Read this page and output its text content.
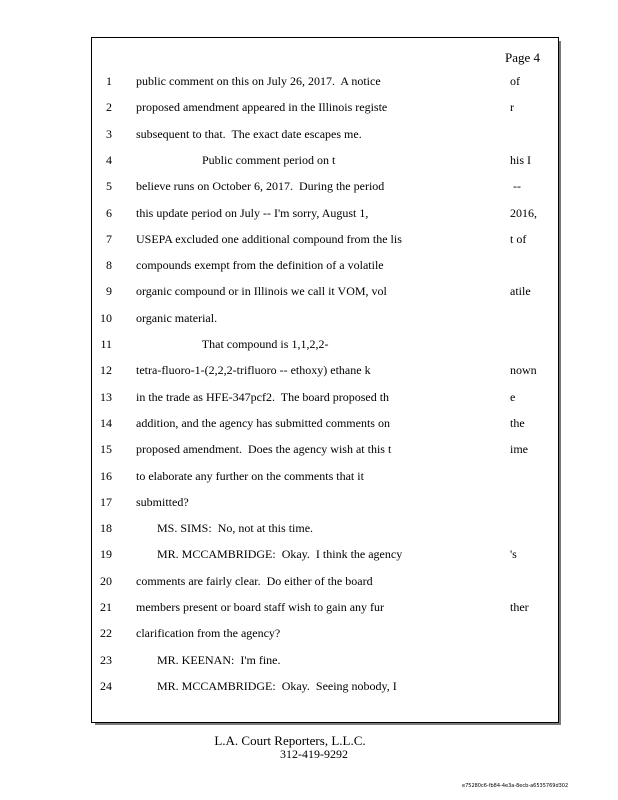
Page 4
1 public comment on this on July 26, 2017.  A notice	of
2 proposed amendment appeared in the Illinois registe	r
3 subsequent to that.  The exact date escapes me.
4 Public comment period on t	his I
5 believe runs on October 6, 2017.  During the period	--
6 this update period on July -- I'm sorry, August 1,	2016,
7 USEPA excluded one additional compound from the lis	t of
8 compounds exempt from the definition of a volatile
9 organic compound or in Illinois we call it VOM, vol	atile
10 organic material.
11 That compound is 1,1,2,2-
12 tetra-fluoro-1-(2,2,2-trifluoro -- ethoxy) ethane k	nown
13 in the trade as HFE-347pcf2.  The board proposed th	e
14 addition, and the agency has submitted comments on	the
15 proposed amendment.  Does the agency wish at this t	ime
16 to elaborate any further on the comments that it
17 submitted?
18 MS. SIMS:  No, not at this time.
19 MR. MCCAMBRIDGE:  Okay.  I think the agency	's
20 comments are fairly clear.  Do either of the board
21 members present or board staff wish to gain any fur	ther
22 clarification from the agency?
23 MR. KEENAN:  I'm fine.
24 MR. MCCAMBRIDGE:  Okay.  Seeing nobody, I
L.A. Court Reporters, L.L.C.
312-419-9292
e75280c6-fb84-4e3a-8ecb-a6535769d302
